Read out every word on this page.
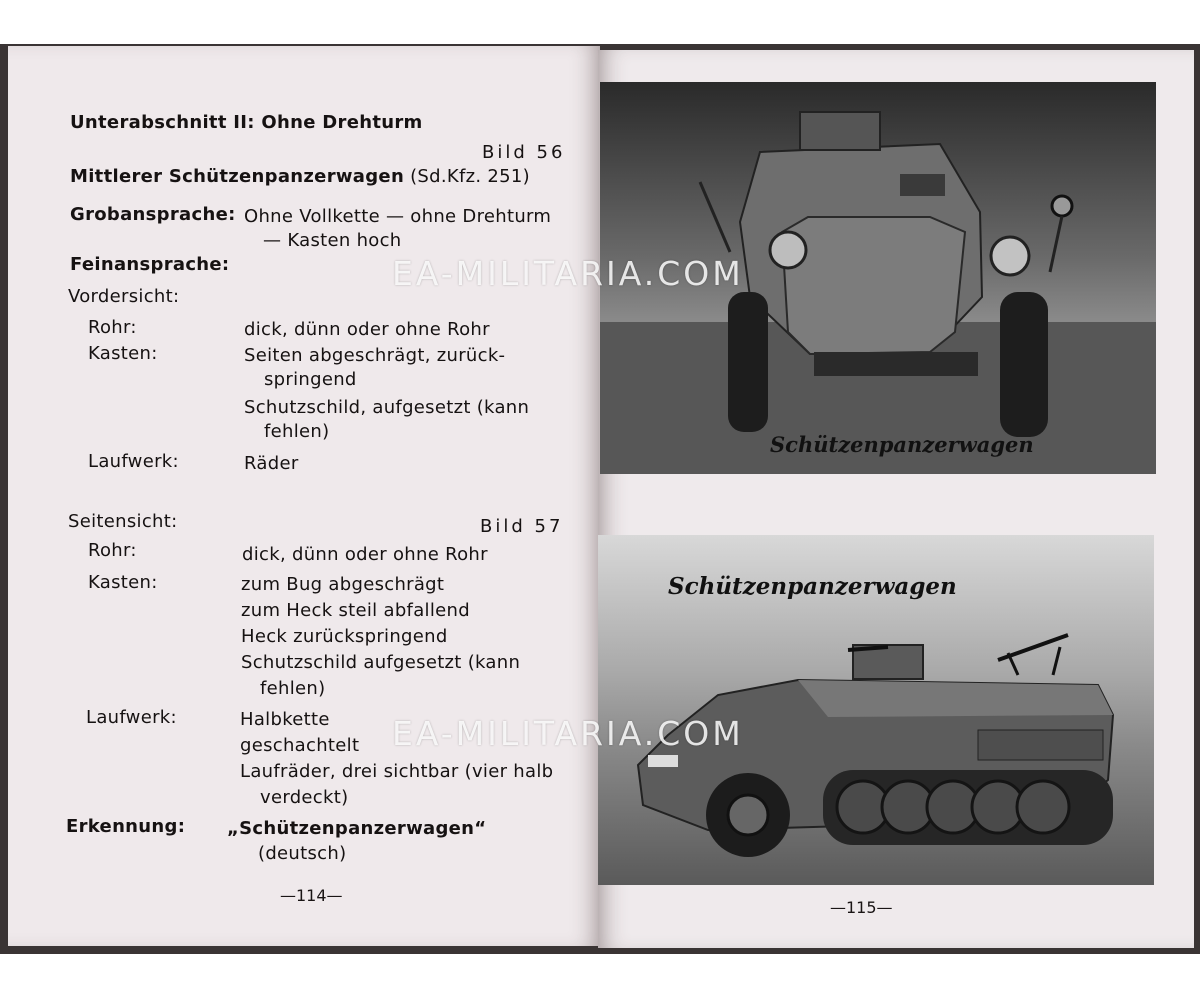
Unterabschnitt II: Ohne Drehturm
Bild 56
Mittlerer Schützenpanzerwagen (Sd.Kfz. 251)
Grobansprache: Ohne Vollkette — ohne Drehturm
— Kasten hoch
Feinansprache:
Vordersicht:
Rohr:	dick, dünn oder ohne Rohr
Kasten:	Seiten abgeschrägt, zurück-
springend
Schutzschild, aufgesetzt (kann
fehlen)
Laufwerk:	Räder
Seitensicht:	Bild 57
Rohr:	dick, dünn oder ohne Rohr
Kasten:	zum Bug abgeschrägt
zum Heck steil abfallend
Heck zurückspringend
Schutzschild aufgesetzt (kann
fehlen)
Laufwerk:	Halbkette
geschachtelt
Laufräder, drei sichtbar (vier halb
verdeckt)
Erkennung: „Schützenpanzerwagen“
(deutsch)
—114—
Schützenpanzerwagen
Schützenpanzerwagen
—115—
EA-MILITARIA.COM
EA-MILITARIA.COM
